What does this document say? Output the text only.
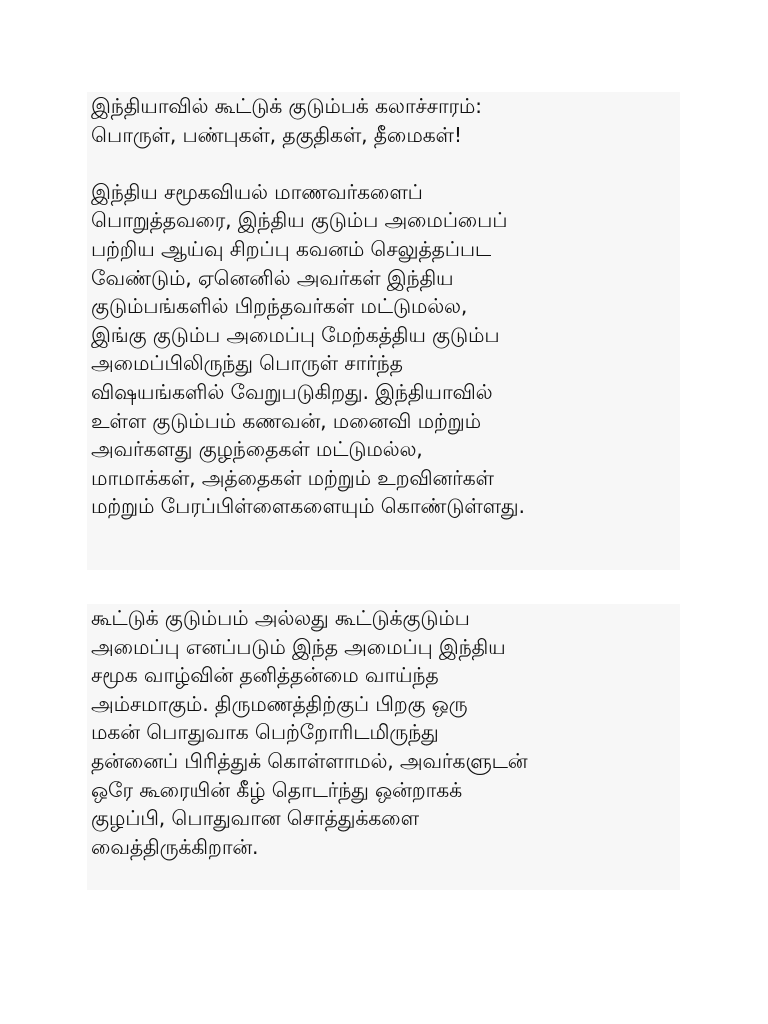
இந்தியாவில் கூட்டுக் குடும்பக் கலாச்சாரம்:
பொருள், பண்புகள், தகுதிகள், தீமைகள்!
இந்திய சமூகவியல் மாணவர்களைப்
பொறுத்தவரை, இந்திய குடும்ப அமைப்பைப்
பற்றிய ஆய்வு சிறப்பு கவனம் செலுத்தப்பட
வேண்டும், ஏனெனில் அவர்கள் இந்திய
குடும்பங்களில் பிறந்தவர்கள் மட்டுமல்ல,
இங்கு குடும்ப அமைப்பு மேற்கத்திய குடும்ப
அமைப்பிலிருந்து பொருள் சார்ந்த
விஷயங்களில் வேறுபடுகிறது. இந்தியாவில்
உள்ள குடும்பம் கணவன், மனைவி மற்றும்
அவர்களது குழந்தைகள் மட்டுமல்ல,
மாமாக்கள், அத்தைகள் மற்றும் உறவினர்கள்
மற்றும் பேரப்பிள்ளைகளையும் கொண்டுள்ளது.
கூட்டுக் குடும்பம் அல்லது கூட்டுக்குடும்ப
அமைப்பு எனப்படும் இந்த அமைப்பு இந்திய
சமூக வாழ்வின் தனித்தன்மை வாய்ந்த
அம்சமாகும். திருமணத்திற்குப் பிறகு ஒரு
மகன் பொதுவாக பெற்றோரிடமிருந்து
தன்னைப் பிரித்துக் கொள்ளாமல், அவர்களுடன்
ஒரே கூரையின் கீழ் தொடர்ந்து ஒன்றாகக்
குழப்பி, பொதுவான சொத்துக்களை
வைத்திருக்கிறான்.
